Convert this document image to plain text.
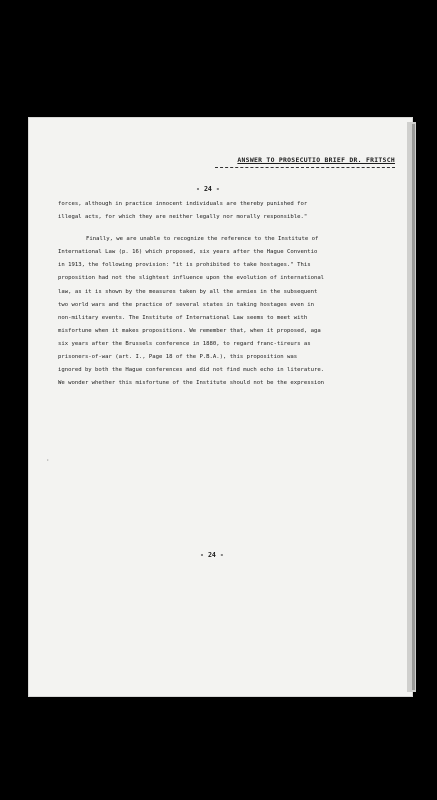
ANSWER TO PROSECUTIO BRIEF DR. FRITSCH
- 24 -
forces, although in practice innocent individuals are thereby punished for
illegal acts, for which they are neither legally nor morally responsible."
Finally, we are unable to recognize the reference to the Institute of
International Law (p. 16) which proposed, six years after the Hague Conventio
in 1913, the following provision: "it is prohibited to take hostages." This
proposition had not the slightest influence upon the evolution of international
law, as it is shown by the measures taken by all the armies in the subsequent
two world wars and the practice of several states in taking hostages even in
non-military events. The Institute of International Law seems to meet with
misfortune when it makes propositions. We remember that, when it proposed, aga
six years after the Brussels conference in 1880, to regard franc-tireurs as
prisoners-of-war (art. I., Page 18 of the P.B.A.), this proposition was
ignored by both the Hague conferences and did not find much echo in literature.
We wonder whether this misfortune of the Institute should not be the expression
·
- 24 -
